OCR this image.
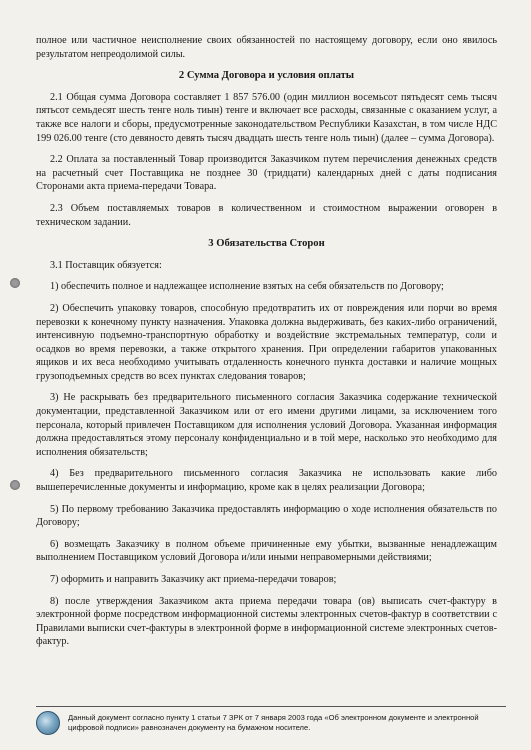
полное или частичное неисполнение своих обязанностей по настоящему договору, если оно явилось результатом непреодолимой силы.

2 Сумма Договора и условия оплаты

2.1 Общая сумма Договора составляет 1 857 576.00 (один миллион восемьсот пятьдесят семь тысяч пятьсот семьдесят шесть тенге ноль тиын) тенге и включает все расходы, связанные с оказанием услуг, а также все налоги и сборы, предусмотренные законодательством Республики Казахстан, в том числе НДС 199 026.00 тенге (сто девяносто девять тысяч двадцать шесть тенге ноль тиын) (далее – сумма Договора).

2.2 Оплата за поставленный Товар производится Заказчиком путем перечисления денежных средств на расчетный счет Поставщика не позднее 30 (тридцати) календарных дней с даты подписания Сторонами акта приема-передачи Товара.

2.3 Объем поставляемых товаров в количественном и стоимостном выражении оговорен в техническом задании.

3 Обязательства Сторон

3.1 Поставщик обязуется:

1) обеспечить полное и надлежащее исполнение взятых на себя обязательств по Договору;

2) Обеспечить упаковку товаров, способную предотвратить их от повреждения или порчи во время перевозки к конечному пункту назначения. Упаковка должна выдерживать, без каких-либо ограничений, интенсивную подъемно-транспортную обработку и воздействие экстремальных температур, соли и осадков во время перевозки, а также открытого хранения. При определении габаритов упакованных ящиков и их веса необходимо учитывать отдаленность конечного пункта доставки и наличие мощных грузоподъемных средств во всех пунктах следования товаров;

3) Не раскрывать без предварительного письменного согласия Заказчика содержание технической документации, представленной Заказчиком или от его имени другими лицами, за исключением того персонала, который привлечен Поставщиком для исполнения условий Договора. Указанная информация должна предоставляться этому персоналу конфиденциально и в той мере, насколько это необходимо для исполнения обязательств;

4) Без предварительного письменного согласия Заказчика не использовать какие либо вышеперечисленные документы и информацию, кроме как в целях реализации Договора;

5) По первому требованию Заказчика предоставлять информацию о ходе исполнения обязательств по Договору;

6) возмещать Заказчику в полном объеме причиненные ему убытки, вызванные ненадлежащим выполнением Поставщиком условий Договора и/или иными неправомерными действиями;

7) оформить и направить Заказчику акт приема-передачи товаров;

8) после утверждения Заказчиком акта приема передачи товара (ов) выписать счет-фактуру в электронной форме посредством информационной системы электронных счетов-фактур в соответствии с Правилами выписки счет-фактуры в электронной форме в информационной системе электронных счетов-фактур.

Данный документ согласно пункту 1 статьи 7 ЗРК от 7 января 2003 года «Об электронном документе и электронной цифровой подписи» равнозначен документу на бумажном носителе.
